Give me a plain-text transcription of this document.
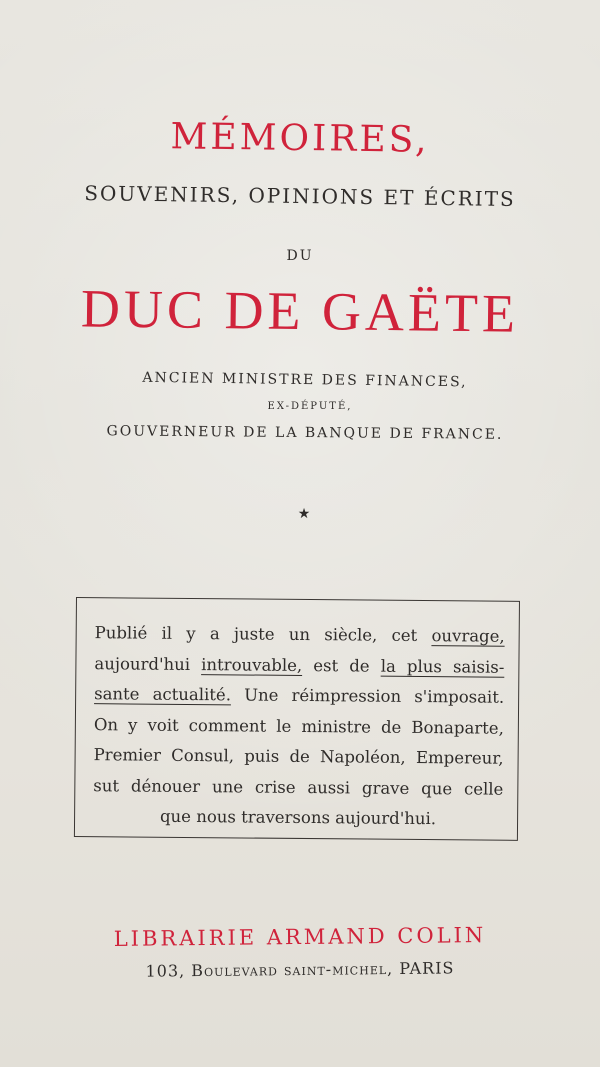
MÉMOIRES,
SOUVENIRS, OPINIONS ET ÉCRITS
DU
DUC DE GAËTE
ANCIEN MINISTRE DES FINANCES,
EX-DÉPUTÉ,
GOUVERNEUR DE LA BANQUE DE FRANCE.
★
Publié il y a juste un siècle, cet ouvrage,
aujourd'hui introuvable, est de la plus saisis-
sante actualité. Une réimpression s'imposait.
On y voit comment le ministre de Bonaparte,
Premier Consul, puis de Napoléon, Empereur,
sut dénouer une crise aussi grave que celle
que nous traversons aujourd'hui.
LIBRAIRIE ARMAND COLIN
103, Boulevard saint-michel, PARIS
